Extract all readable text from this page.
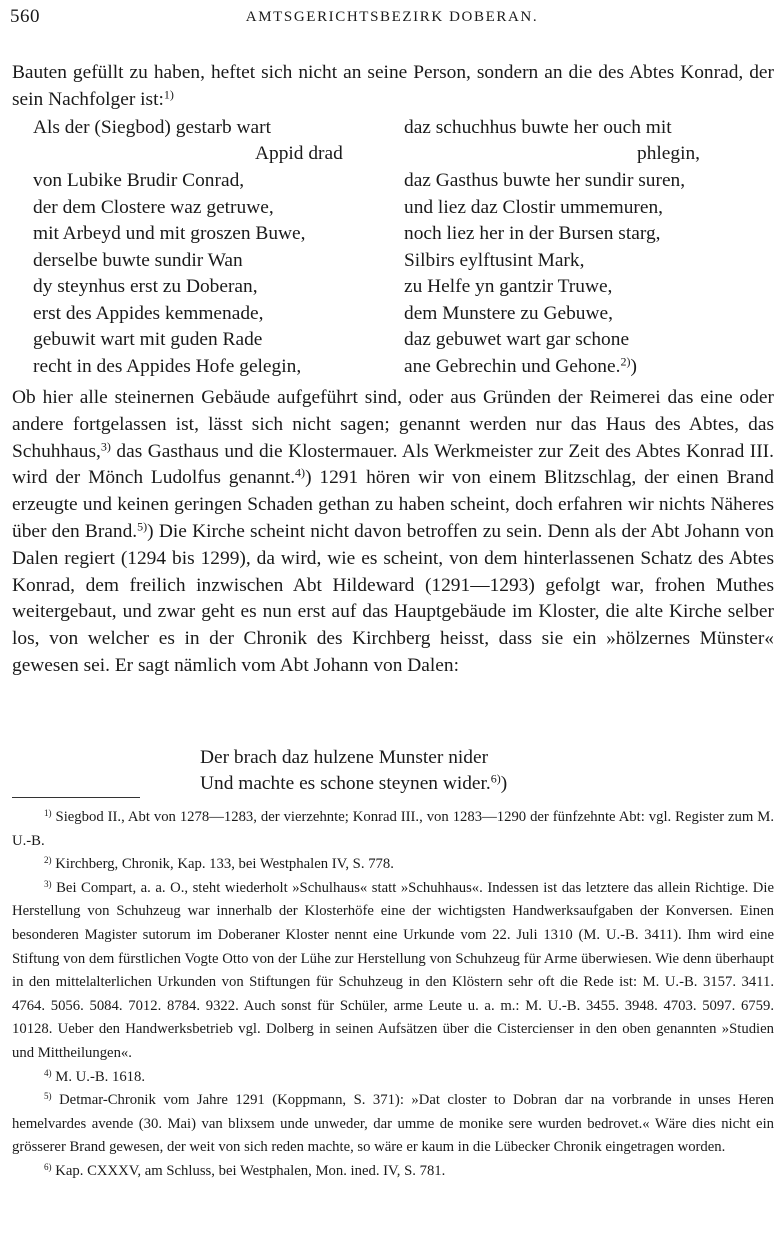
560	AMTSGERICHTSBEZIRK DOBERAN.

Bauten gefüllt zu haben, heftet sich nicht an seine Person, sondern an die des Abtes Konrad, der sein Nachfolger ist:$^{1)}$

Als der (Siegbod) gestarb wart
Appid drad
von Lubike Brudir Conrad,
der dem Clostere waz getruwe,
mit Arbeyd und mit groszen Buwe,
derselbe buwte sundir Wan
dy steynhus erst zu Doberan,
erst des Appides kemmenade,
gebuwit wart mit guden Rade
recht in des Appides Hofe gelegin,
daz schuchhus buwte her ouch mit
phlegin,
daz Gasthus buwte her sundir suren,
und liez daz Clostir ummemuren,
noch liez her in der Bursen starg,
Silbirs eylftusint Mark,
zu Helfe yn gantzir Truwe,
dem Munstere zu Gebuwe,
daz gebuwet wart gar schone
ane Gebrechin und Gehone.$^{2)}$)

Ob hier alle steinernen Gebäude aufgeführt sind, oder aus Gründen der Reimerei das eine oder andere fortgelassen ist, lässt sich nicht sagen; genannt werden nur das Haus des Abtes, das Schuhhaus,$^{3)}$ das Gasthaus und die Klostermauer. Als Werkmeister zur Zeit des Abtes Konrad III. wird der Mönch Ludolfus genannt.$^{4)}$) 1291 hören wir von einem Blitzschlag, der einen Brand erzeugte und keinen geringen Schaden gethan zu haben scheint, doch erfahren wir nichts Näheres über den Brand.$^{5)}$) Die Kirche scheint nicht davon betroffen zu sein. Denn als der Abt Johann von Dalen regiert (1294 bis 1299), da wird, wie es scheint, von dem hinterlassenen Schatz des Abtes Konrad, dem freilich inzwischen Abt Hildeward (1291—1293) gefolgt war, frohen Muthes weitergebaut, und zwar geht es nun erst auf das Hauptgebäude im Kloster, die alte Kirche selber los, von welcher es in der Chronik des Kirchberg heisst, dass sie ein »hölzernes Münster« gewesen sei. Er sagt nämlich vom Abt Johann von Dalen:

Der brach daz hulzene Munster nider
Und machte es schone steynen wider.$^{6)}$)

$^{1)}$ Siegbod II., Abt von 1278—1283, der vierzehnte; Konrad III., von 1283—1290 der fünfzehnte Abt: vgl. Register zum M. U.-B.

$^{2)}$ Kirchberg, Chronik, Kap. 133, bei Westphalen IV, S. 778.

$^{3)}$ Bei Compart, a. a. O., steht wiederholt »Schulhaus« statt »Schuhhaus«. Indessen ist das letztere das allein Richtige. Die Herstellung von Schuhzeug war innerhalb der Klosterhöfe eine der wichtigsten Handwerksaufgaben der Konversen. Einen besonderen Magister sutorum im Doberaner Kloster nennt eine Urkunde vom 22. Juli 1310 (M. U.-B. 3411). Ihm wird eine Stiftung von dem fürstlichen Vogte Otto von der Lühe zur Herstellung von Schuhzeug für Arme überwiesen. Wie denn überhaupt in den mittelalterlichen Urkunden von Stiftungen für Schuhzeug in den Klöstern sehr oft die Rede ist: M. U.-B. 3157. 3411. 4764. 5056. 5084. 7012. 8784. 9322. Auch sonst für Schüler, arme Leute u. a. m.: M. U.-B. 3455. 3948. 4703. 5097. 6759. 10128. Ueber den Handwerksbetrieb vgl. Dolberg in seinen Aufsätzen über die Cistercienser in den oben genannten »Studien und Mittheilungen«.

$^{4)}$ M. U.-B. 1618.

$^{5)}$ Detmar-Chronik vom Jahre 1291 (Koppmann, S. 371): »Dat closter to Dobran dar na vorbrande in unses Heren hemelvardes avende (30. Mai) van blixsem unde unweder, dar umme de monike sere wurden bedrovet.« Wäre dies nicht ein grösserer Brand gewesen, der weit von sich reden machte, so wäre er kaum in die Lübecker Chronik eingetragen worden.

$^{6)}$ Kap. CXXXV, am Schluss, bei Westphalen, Mon. ined. IV, S. 781.
